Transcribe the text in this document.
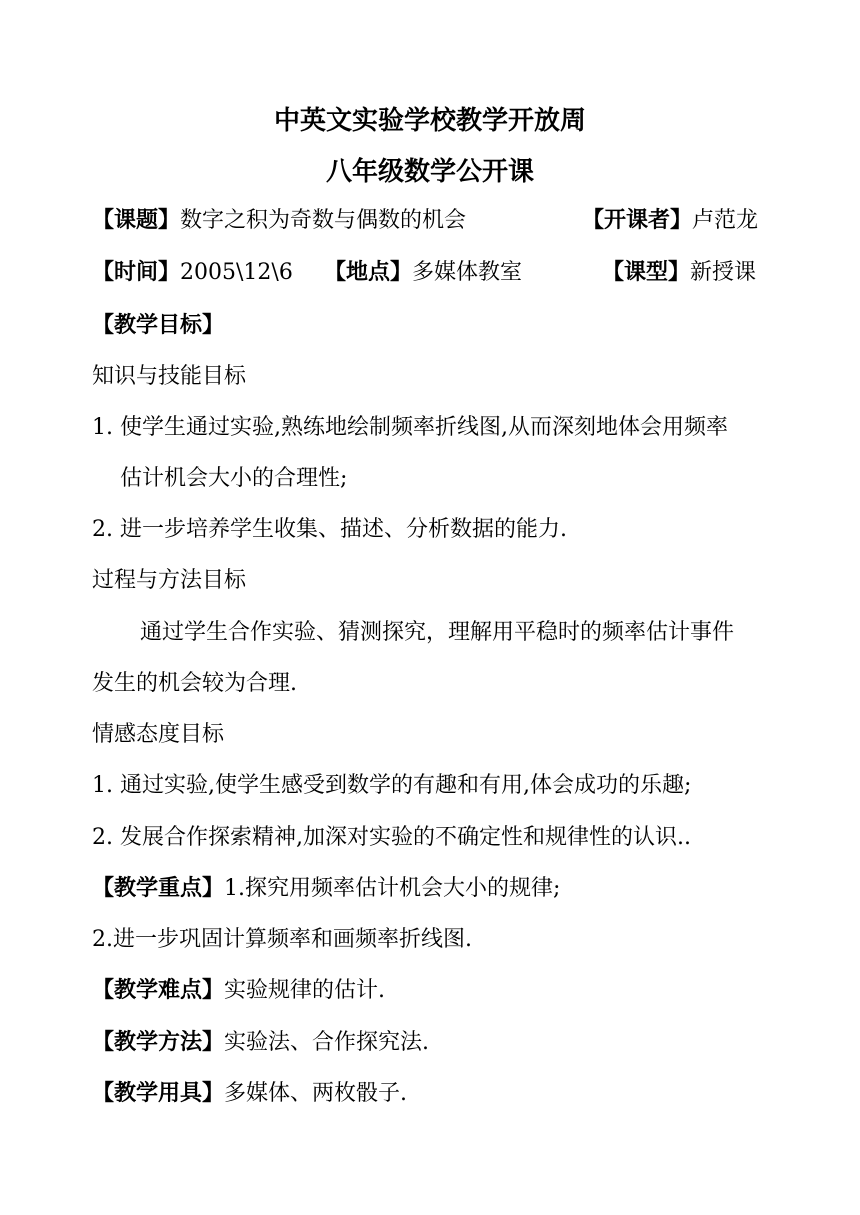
中英文实验学校教学开放周
八年级数学公开课
【课题】数字之积为奇数与偶数的机会	【开课者】卢范龙
【时间】2005\12\6 【地点】多媒体教室	【课型】新授课
【教学目标】
知识与技能目标
1. 使学生通过实验,熟练地绘制频率折线图,从而深刻地体会用频率
估计机会大小的合理性;
2. 进一步培养学生收集、描述、分析数据的能力.
过程与方法目标
通过学生合作实验、猜测探究，理解用平稳时的频率估计事件
发生的机会较为合理.
情感态度目标
1. 通过实验,使学生感受到数学的有趣和有用,体会成功的乐趣;
2. 发展合作探索精神,加深对实验的不确定性和规律性的认识..
【教学重点】1.探究用频率估计机会大小的规律;
2.进一步巩固计算频率和画频率折线图.
【教学难点】实验规律的估计.
【教学方法】实验法、合作探究法.
【教学用具】多媒体、两枚骰子.
